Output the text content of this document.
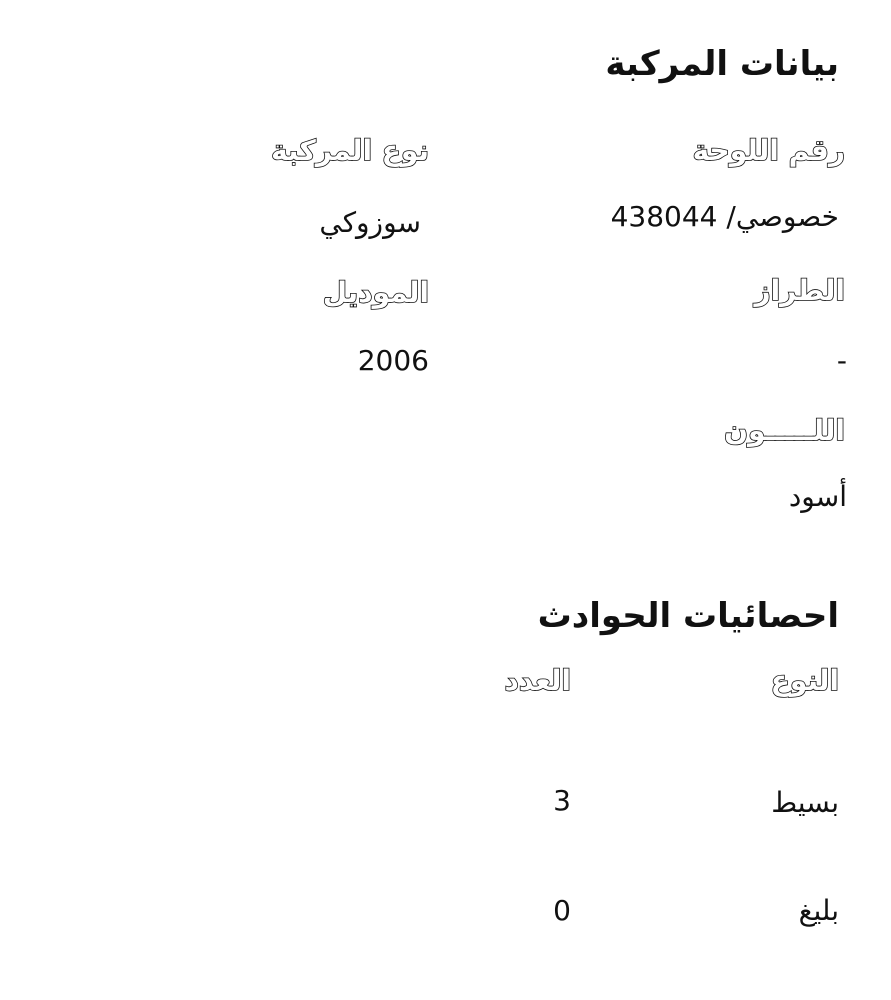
بيانات المركبة
رقم اللوحة
نوع المركبة
خصوصي/ 438044
سوزوكي
الطراز
الموديل
-
2006
اللـــــون
أسود
احصائيات الحوادث
النوع
العدد
بسيط
3
بليغ
0
